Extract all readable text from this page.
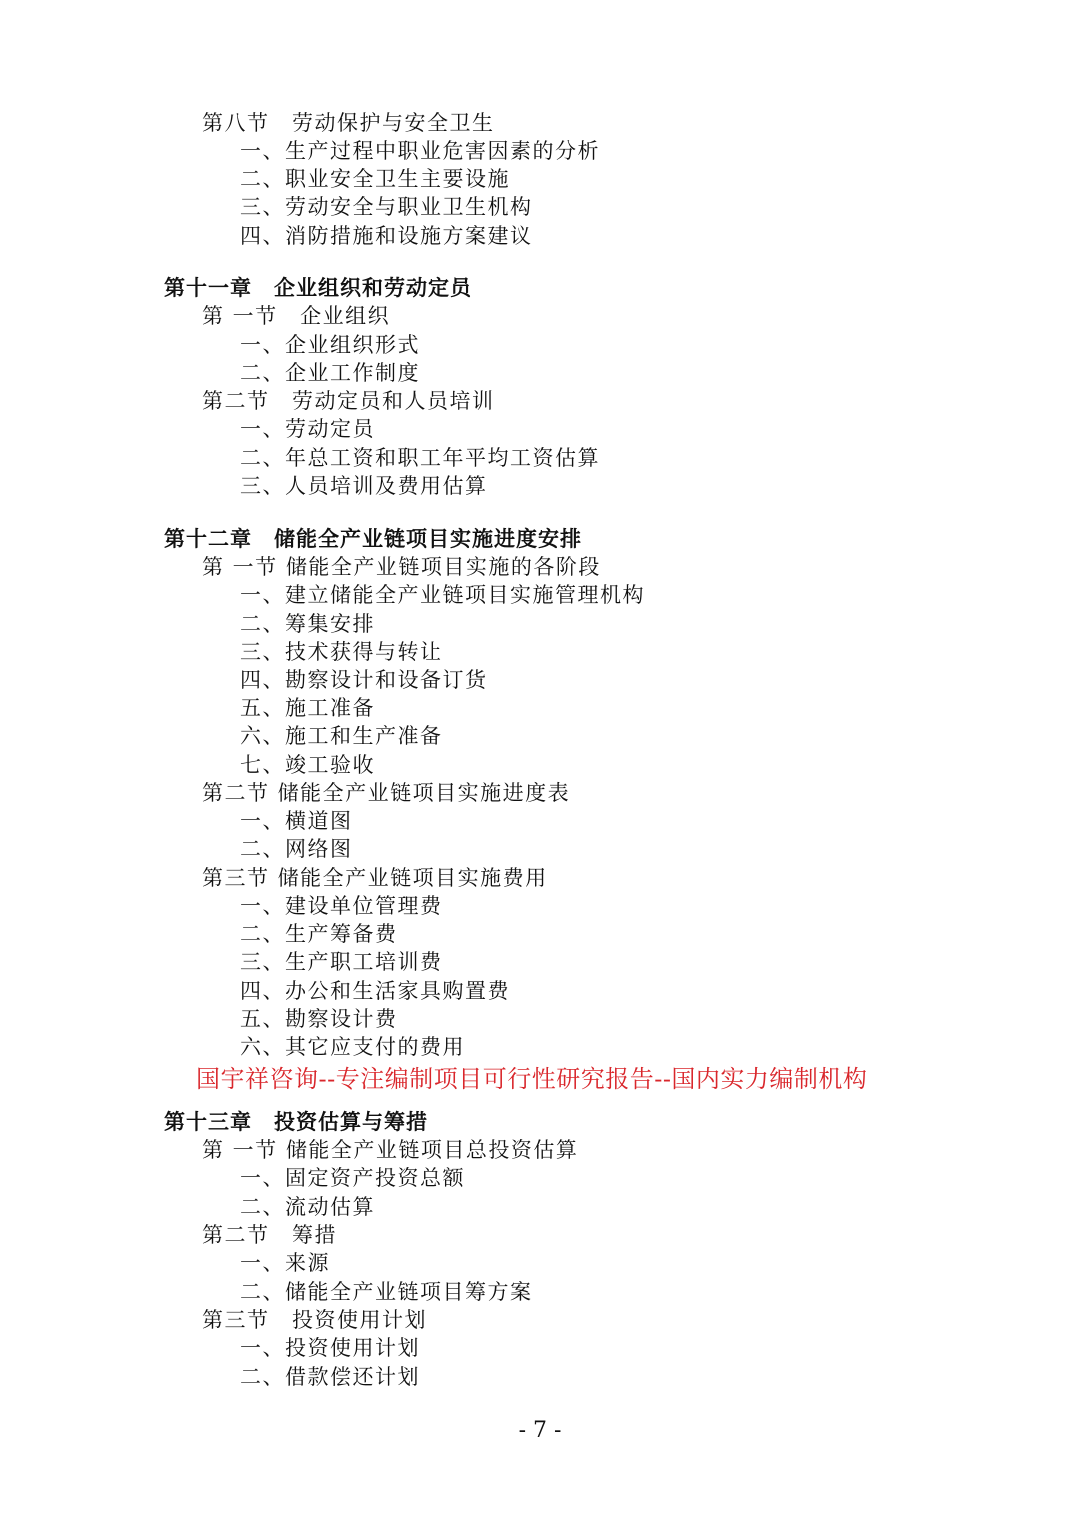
第八节　劳动保护与安全卫生
一、生产过程中职业危害因素的分析
二、职业安全卫生主要设施
三、劳动安全与职业卫生机构
四、消防措施和设施方案建议
第十一章　企业组织和劳动定员
第 一节　企业组织
一、企业组织形式
二、企业工作制度
第二节　劳动定员和人员培训
一、劳动定员
二、年总工资和职工年平均工资估算
三、人员培训及费用估算
第十二章　储能全产业链项目实施进度安排
第 一节 储能全产业链项目实施的各阶段
一、建立储能全产业链项目实施管理机构
二、筹集安排
三、技术获得与转让
四、勘察设计和设备订货
五、施工准备
六、施工和生产准备
七、竣工验收
第二节 储能全产业链项目实施进度表
一、横道图
二、网络图
第三节 储能全产业链项目实施费用
一、建设单位管理费
二、生产筹备费
三、生产职工培训费
四、办公和生活家具购置费
五、勘察设计费
六、其它应支付的费用
国宇祥咨询--专注编制项目可行性研究报告--国内实力编制机构
第十三章　投资估算与筹措
第 一节 储能全产业链项目总投资估算
一、固定资产投资总额
二、流动估算
第二节　筹措
一、来源
二、储能全产业链项目筹方案
第三节　投资使用计划
一、投资使用计划
二、借款偿还计划
- 7 -
